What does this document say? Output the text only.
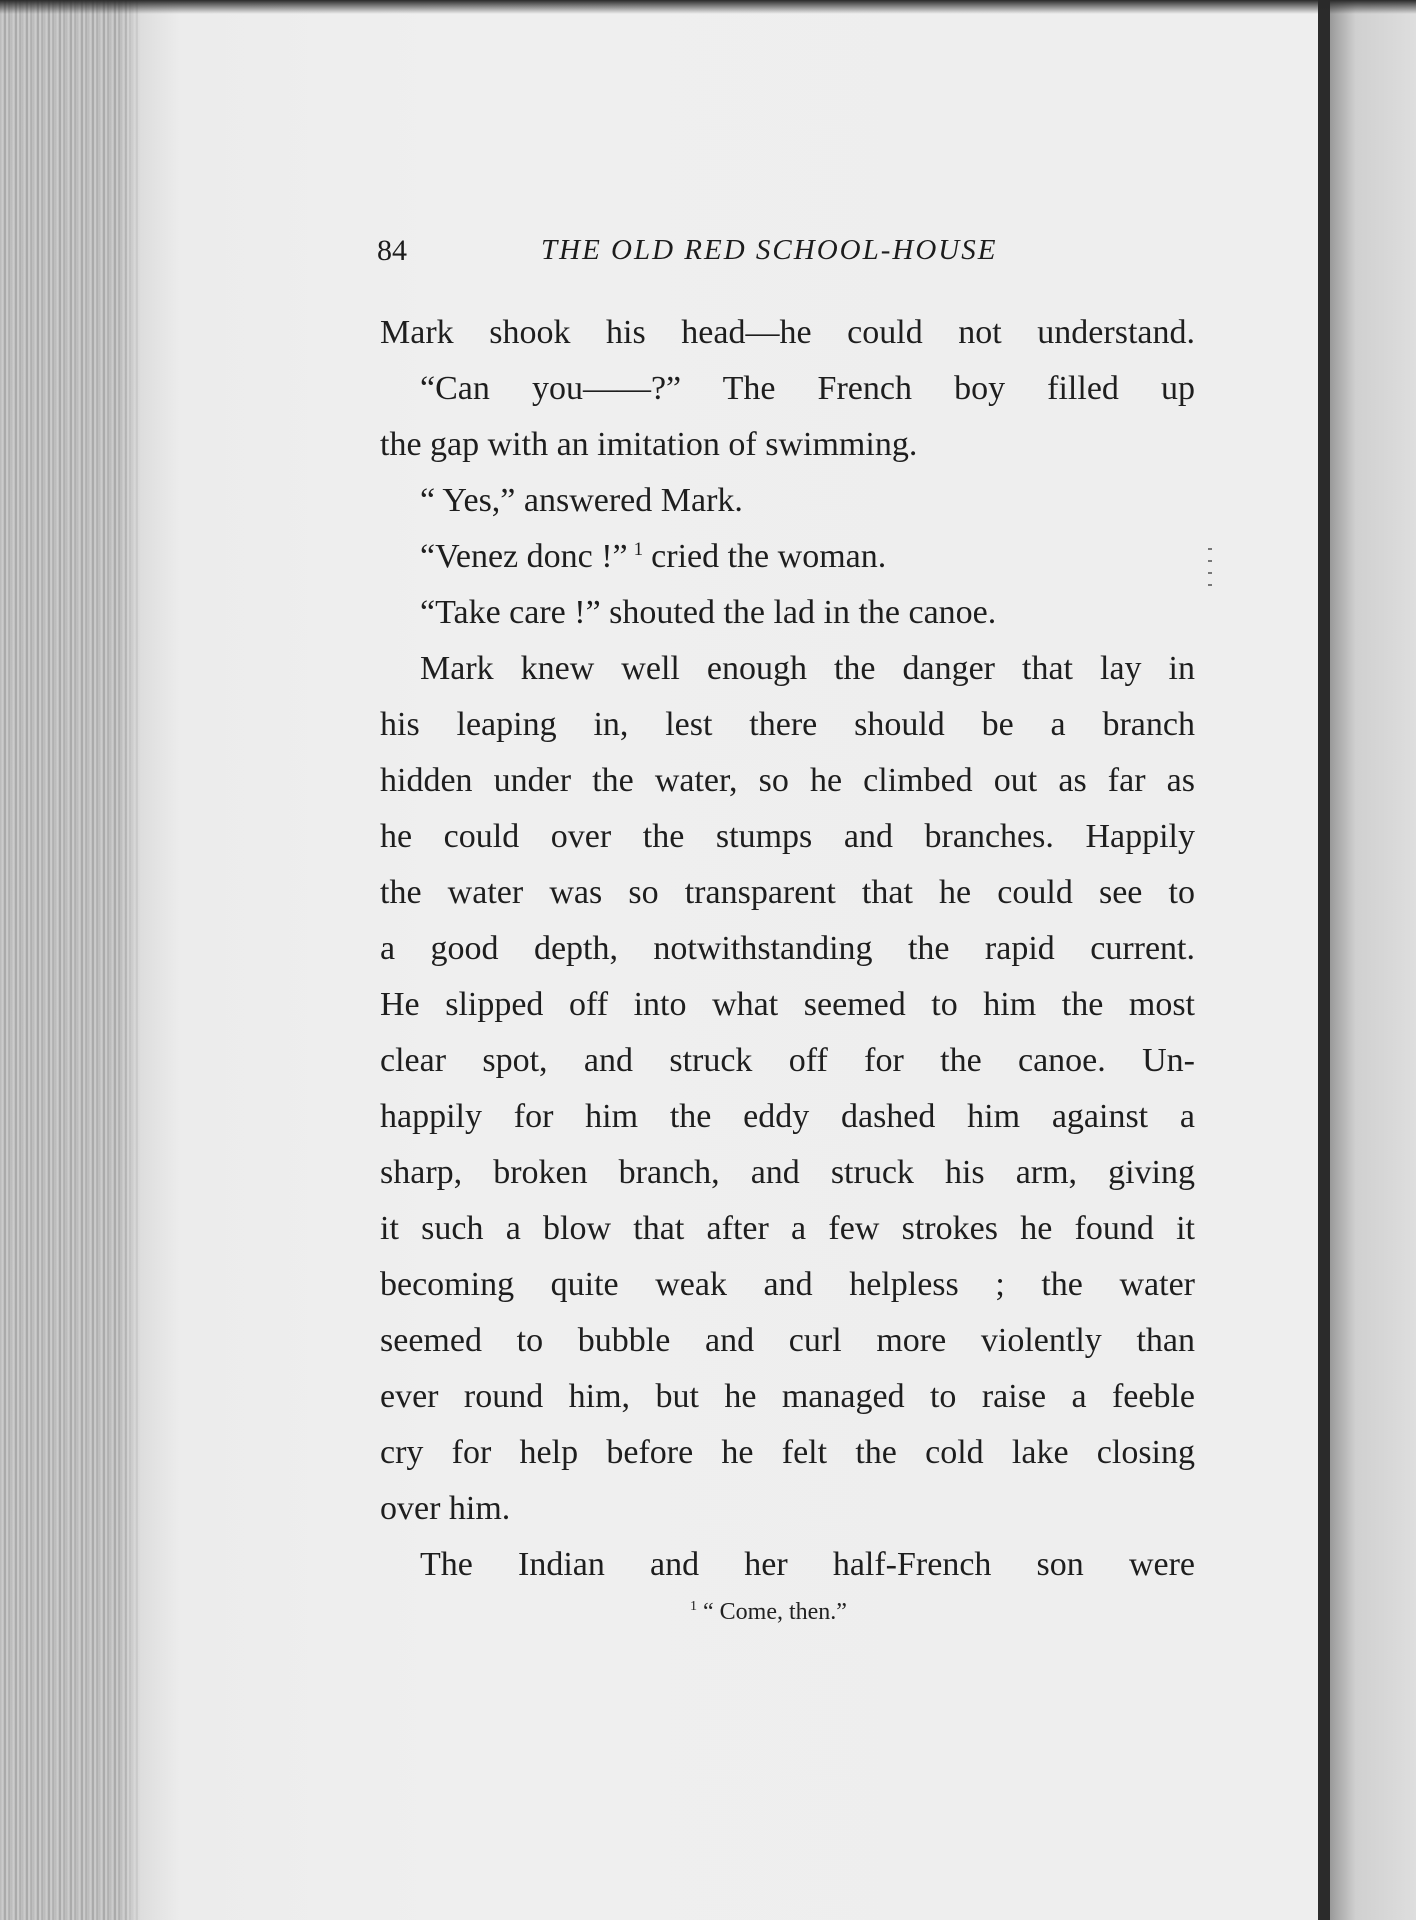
84	THE OLD RED SCHOOL-HOUSE
Mark shook his head—he could not understand.
“Can you——?” The French boy filled up
the gap with an imitation of swimming.
“ Yes,” answered Mark.
“Venez donc !” $^1$ cried the woman.
“Take care !” shouted the lad in the canoe.
Mark knew well enough the danger that lay in
his leaping in, lest there should be a branch
hidden under the water, so he climbed out as far as
he could over the stumps and branches. Happily
the water was so transparent that he could see to
a good depth, notwithstanding the rapid current.
He slipped off into what seemed to him the most
clear spot, and struck off for the canoe. Un-
happily for him the eddy dashed him against a
sharp, broken branch, and struck his arm, giving
it such a blow that after a few strokes he found it
becoming quite weak and helpless ; the water
seemed to bubble and curl more violently than
ever round him, but he managed to raise a feeble
cry for help before he felt the cold lake closing
over him.
The Indian and her half-French son were
$^1$ “ Come, then.”
